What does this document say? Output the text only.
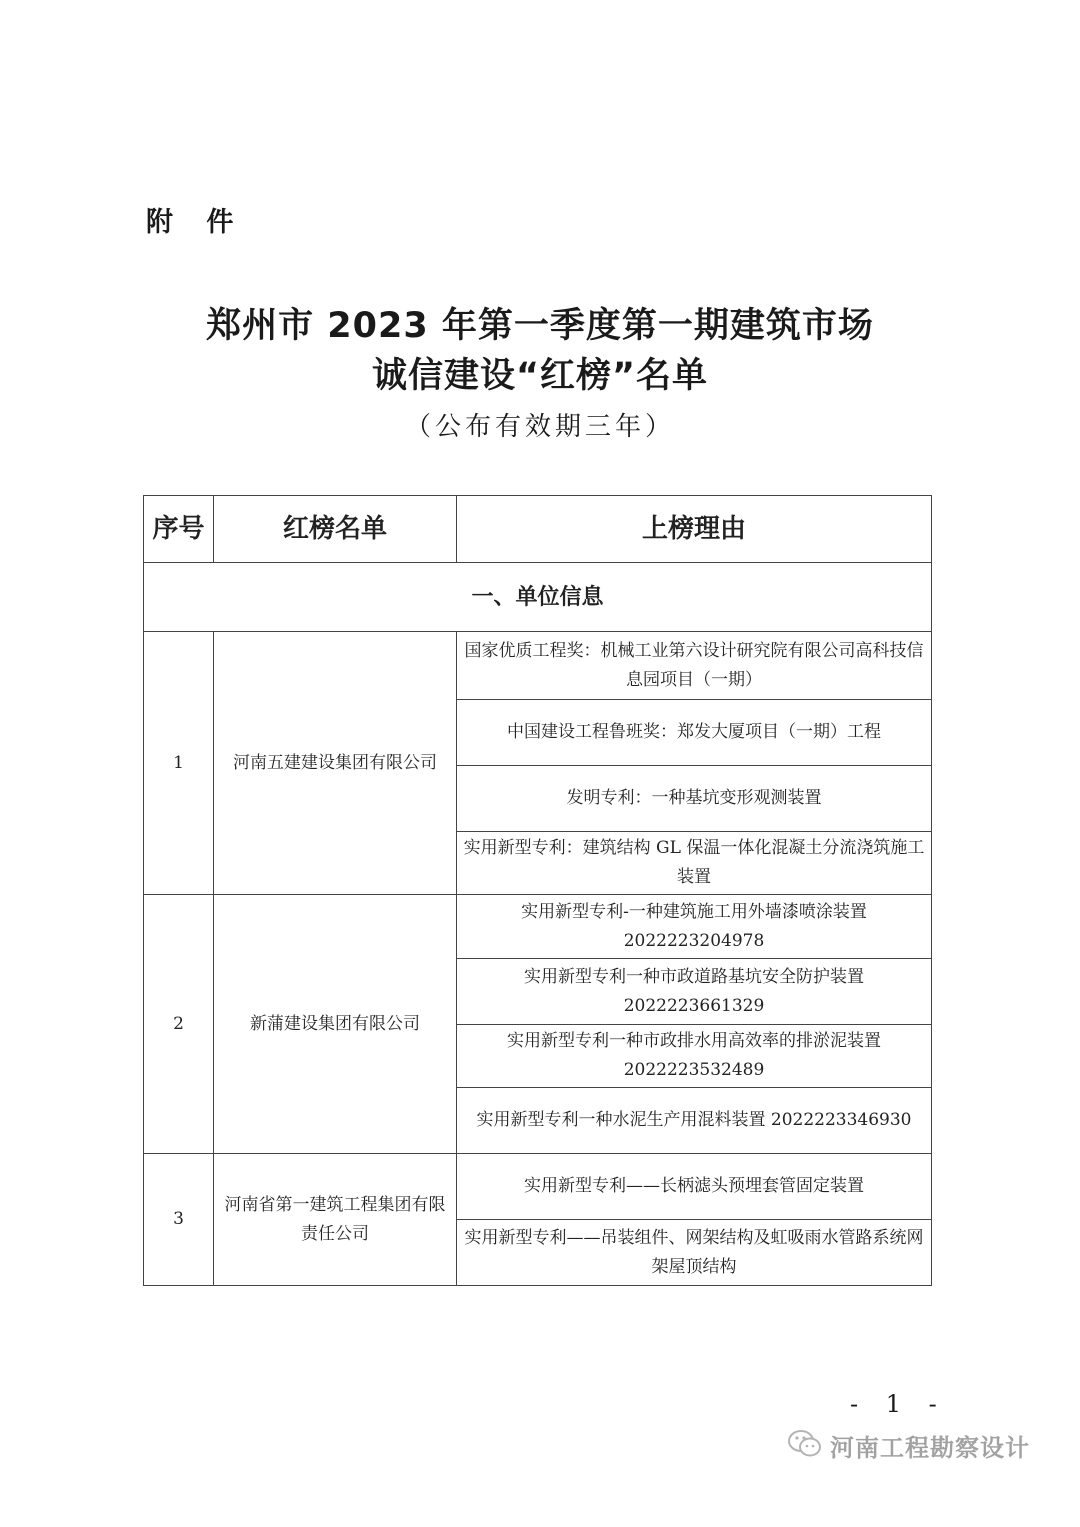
附 件
郑州市 2023 年第一季度第一期建筑市场
诚信建设“红榜”名单
（公布有效期三年）
序号	红榜名单	上榜理由
一、单位信息		
1	河南五建建设集团有限公司	国家优质工程奖：机械工业第六设计研究院有限公司高科技信息园项目（一期）
		中国建设工程鲁班奖：郑发大厦项目（一期）工程
		发明专利：一种基坑变形观测装置
		实用新型专利：建筑结构 GL 保温一体化混凝土分流浇筑施工装置
2	新蒲建设集团有限公司	实用新型专利-一种建筑施工用外墙漆喷涂装置 2022223204978
		实用新型专利一种市政道路基坑安全防护装置 2022223661329
		实用新型专利一种市政排水用高效率的排淤泥装置 2022223532489
		实用新型专利一种水泥生产用混料装置 2022223346930
3	河南省第一建筑工程集团有限责任公司	实用新型专利——长柄滤头预埋套管固定装置
		实用新型专利——吊装组件、网架结构及虹吸雨水管路系统网架屋顶结构
- 1 -
河南工程勘察设计
